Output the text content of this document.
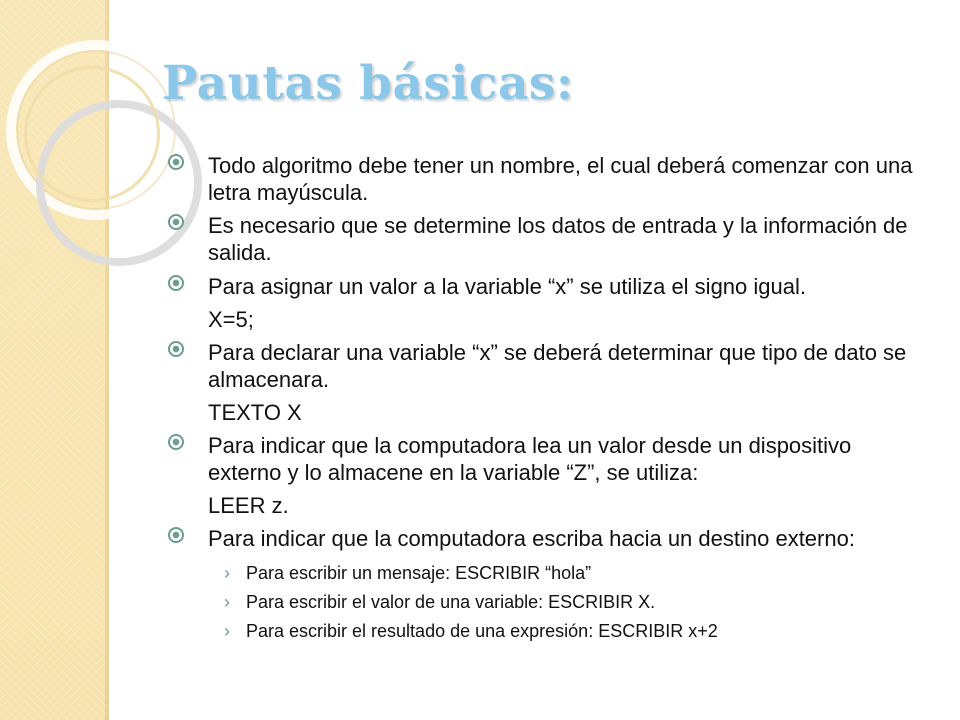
Pautas básicas:

Todo algoritmo debe tener un nombre, el cual deberá comenzar con una letra mayúscula.

Es necesario que se determine los datos de entrada y la información de salida.

Para asignar un valor a la variable “x” se utiliza el signo igual.

X=5;

Para declarar una variable “x” se deberá determinar que tipo de dato se almacenara.

TEXTO X

Para indicar que la computadora lea un valor desde un dispositivo externo y lo almacene en la variable “Z”, se utiliza:

LEER z.

Para indicar que la computadora escriba hacia un destino externo:

› Para escribir un mensaje: ESCRIBIR “hola”
› Para escribir el valor de una variable: ESCRIBIR X.
› Para escribir el resultado de una expresión: ESCRIBIR x+2
